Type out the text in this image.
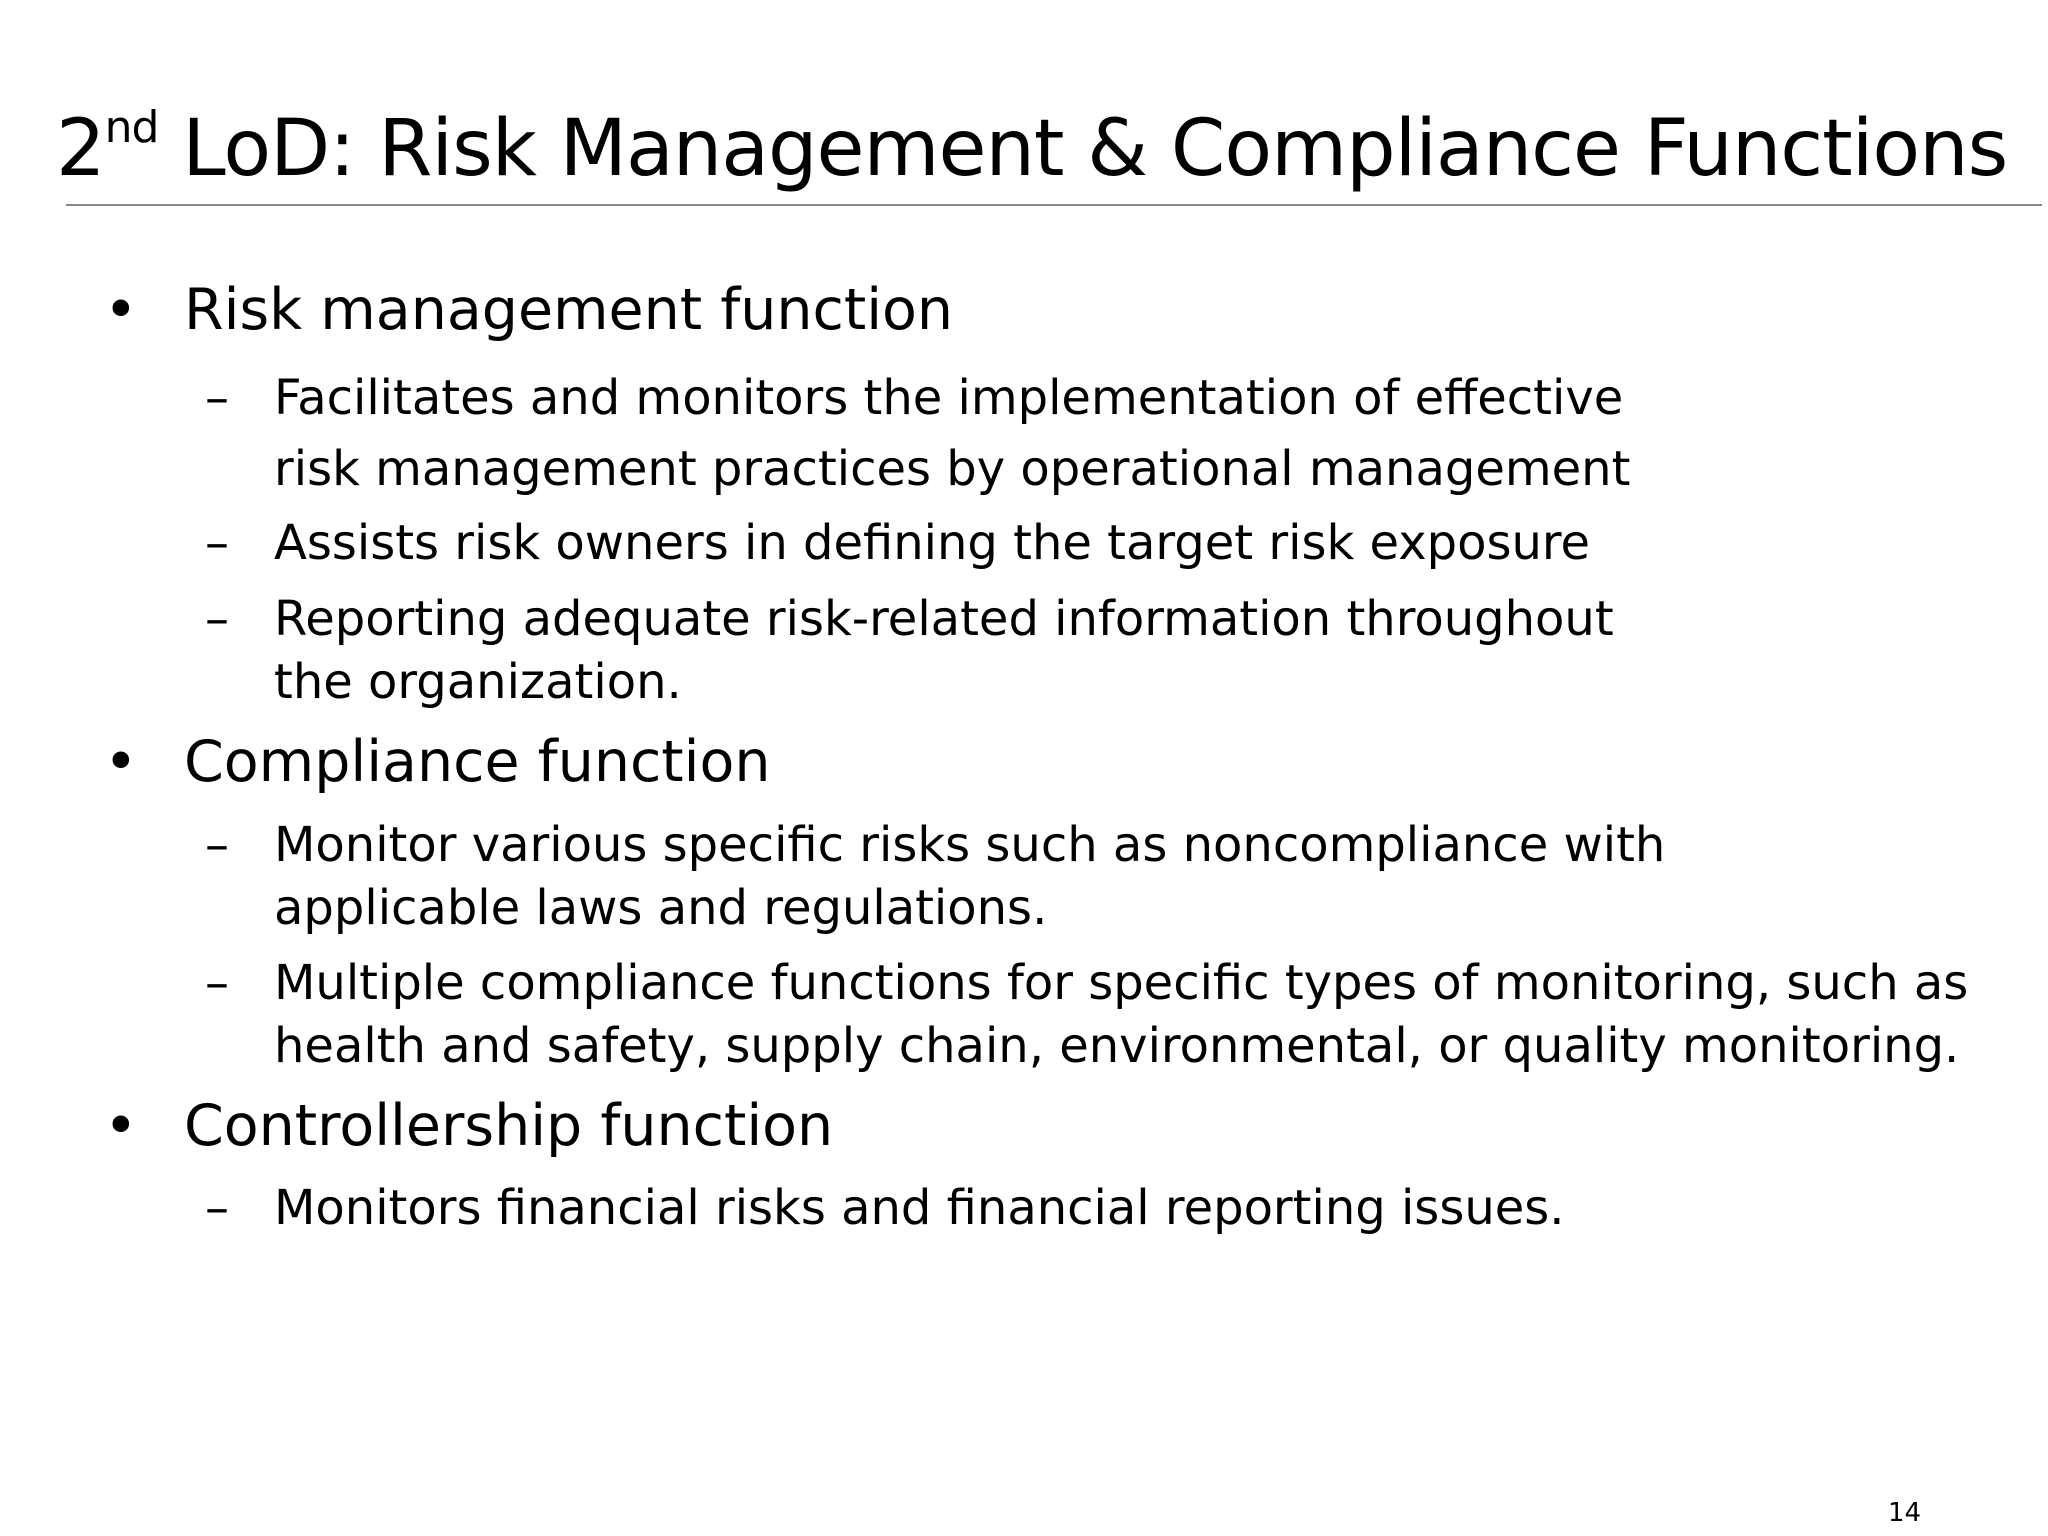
2nd LoD: Risk Management & Compliance Functions
• Risk management function
– Facilitates and monitors the implementation of effective risk management practices by operational management
– Assists risk owners in defining the target risk exposure
– Reporting adequate risk-related information throughout the organization.
• Compliance function
– Monitor various specific risks such as noncompliance with applicable laws and regulations.
– Multiple compliance functions for specific types of monitoring, such as health and safety, supply chain, environmental, or quality monitoring.
• Controllership function
– Monitors financial risks and financial reporting issues.
14
